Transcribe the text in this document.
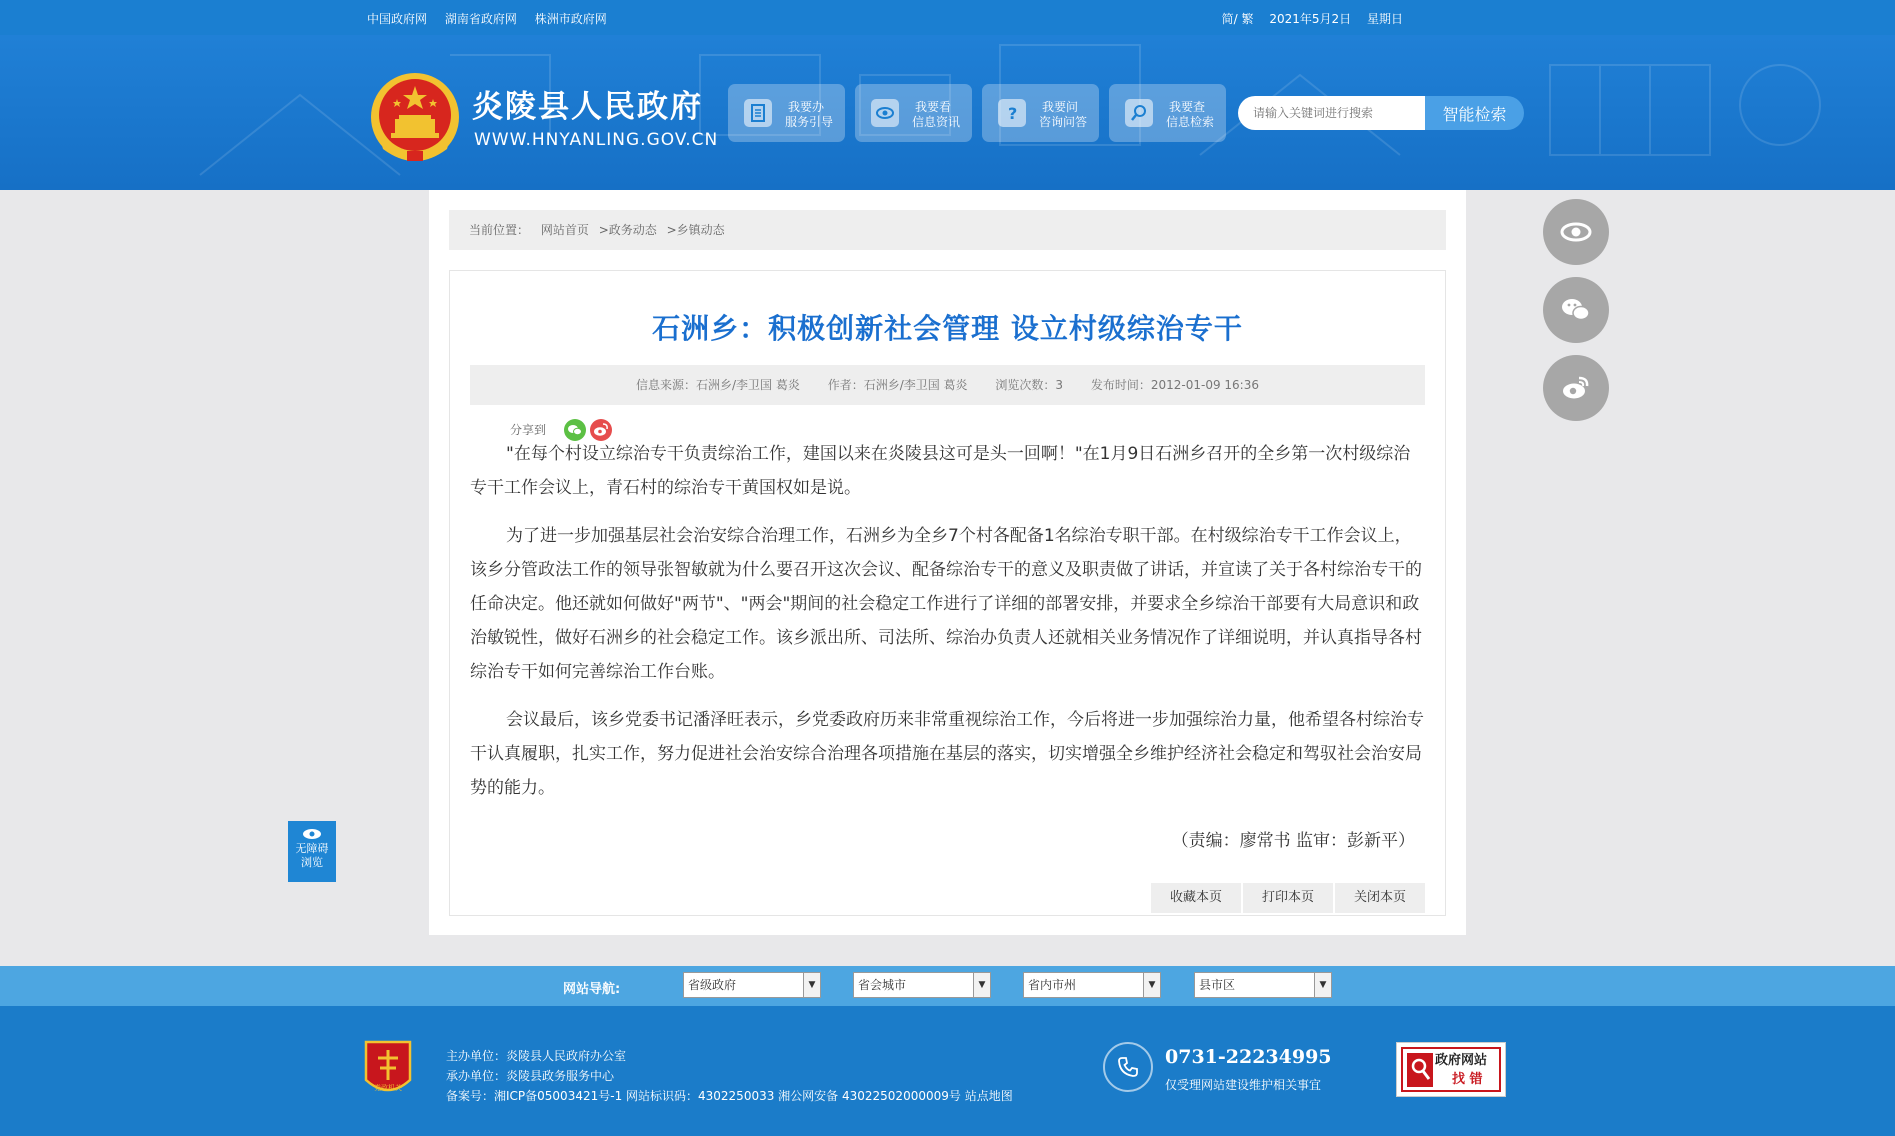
中国政府网 湖南省政府网 株洲市政府网	简/ 繁 2021年5月2日 星期日
炎陵县人民政府
WWW.HNYANLING.GOV.CN
我要办
服务引导
我要看
信息资讯	? 我要问
咨询问答
我要查
信息检索
请输入关键词进行搜索	智能检索
当前位置： 网站首页 >政务动态 >乡镇动态
石洲乡：积极创新社会管理 设立村级综治专干
信息来源：石洲乡/李卫国 葛炎 作者：石洲乡/李卫国 葛炎 浏览次数：3 发布时间：2012-01-09 16:36
分享到

"在每个村设立综治专干负责综治工作，建国以来在炎陵县这可是头一回啊！"在1月9日石洲乡召开的全乡第一次村级综治专干工作会议上，青石村的综治专干黄国权如是说。

为了进一步加强基层社会治安综合治理工作，石洲乡为全乡7个村各配备1名综治专职干部。在村级综治专干工作会议上，该乡分管政法工作的领导张智敏就为什么要召开这次会议、配备综治专干的意义及职责做了讲话，并宣读了关于各村综治专干的任命决定。他还就如何做好"两节"、"两会"期间的社会稳定工作进行了详细的部署安排，并要求全乡综治干部要有大局意识和政治敏锐性，做好石洲乡的社会稳定工作。该乡派出所、司法所、综治办负责人还就相关业务情况作了详细说明，并认真指导各村综治专干如何完善综治工作台账。

会议最后，该乡党委书记潘泽旺表示，乡党委政府历来非常重视综治工作，今后将进一步加强综治力量，他希望各村综治专干认真履职，扎实工作，努力促进社会治安综合治理各项措施在基层的落实，切实增强全乡维护经济社会稳定和驾驭社会治安局势的能力。

（责编：廖常书 监审：彭新平）
收藏本页	打印本页	关闭本页
无障碍
浏览
网站导航:	省级政府	▼	省会城市	▼	省内市州	▼	县市区	▼
党政机关
主办单位：炎陵县人民政府办公室
承办单位：炎陵县政务服务中心
备案号：湘ICP备05003421号-1 网站标识码：4302250033 湘公网安备 43022502000009号 站点地图
0731-22234995
仅受理网站建设维护相关事宜
政府网站
找 错
